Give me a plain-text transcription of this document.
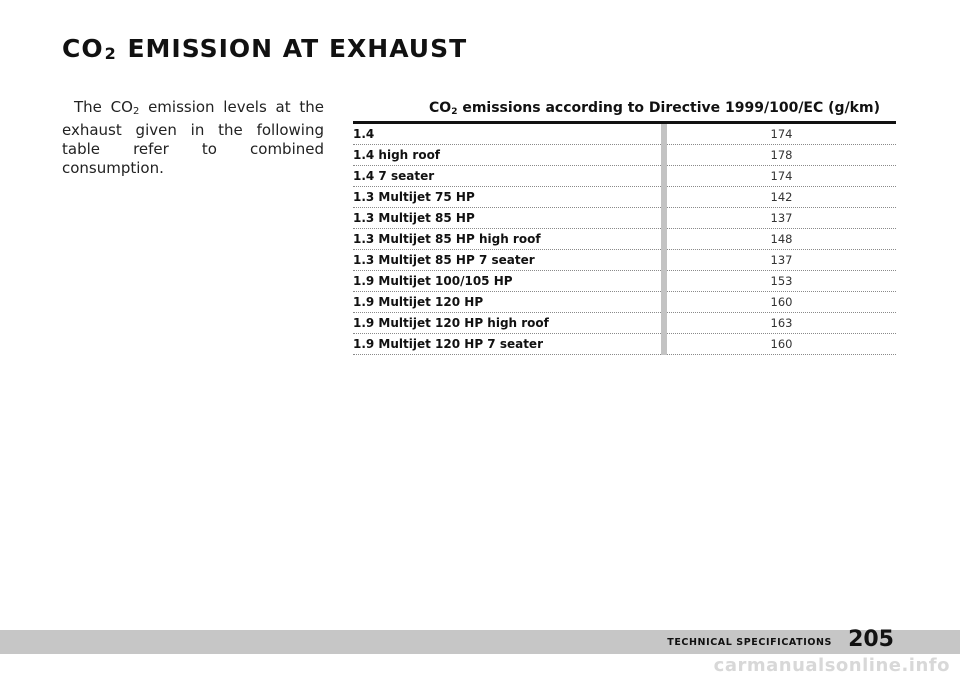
CO2 EMISSION AT EXHAUST

The $CO_2$ emission levels at the exhaust given in the following table refer to combined consumption.

$CO_2$ emissions according to Directive 1999/100/EC (g/km)
1.4		174
1.4 high roof		178
1.4 7 seater		174
1.3 Multijet 75 HP		142
1.3 Multijet 85 HP		137
1.3 Multijet 85 HP high roof		148
1.3 Multijet 85 HP 7 seater		137
1.9 Multijet 100/105 HP		153
1.9 Multijet 120 HP		160
1.9 Multijet 120 HP high roof		163
1.9 Multijet 120 HP 7 seater		160
TECHNICAL SPECIFICATIONS 205
carmanualsonline.info
